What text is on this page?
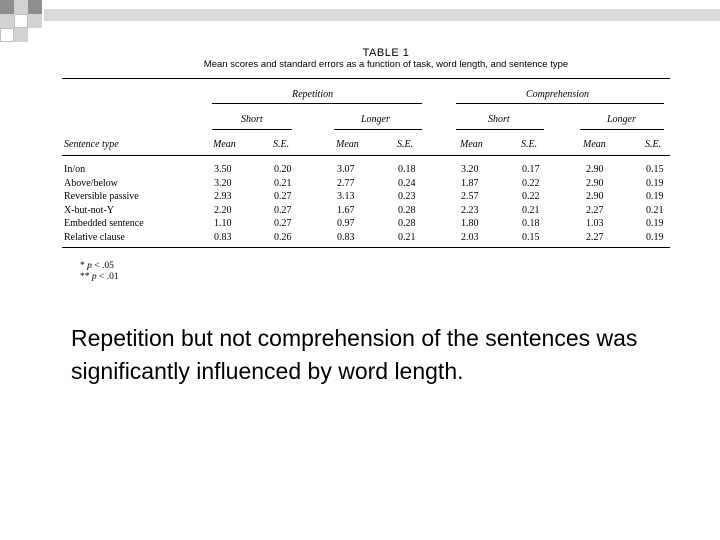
TABLE 1
Mean scores and standard errors as a function of task, word length, and sentence type
Repetition	Comprehension
Short	Longer	Short	Longer
Sentence type	Mean	S.E.	Mean	S.E.	Mean	S.E.	Mean	S.E.
In/on	3.50	0.20	3.07	0.18	3.20	0.17	2.90	0.15
Above/below	3.20	0.21	2.77	0.24	1.87	0.22	2.90	0.19
Reversible passive	2.93	0.27	3.13	0.23	2.57	0.22	2.90	0.19
X-but-not-Y	2.20	0.27	1.67	0.28	2.23	0.21	2.27	0.21
Embedded sentence	1.10	0.27	0.97	0.28	1.80	0.18	1.03	0.19
Relative clause	0.83	0.26	0.83	0.21	2.03	0.15	2.27	0.19
* p < .05
** p < .01
Repetition but not comprehension of the sentences was significantly influenced by word length.
